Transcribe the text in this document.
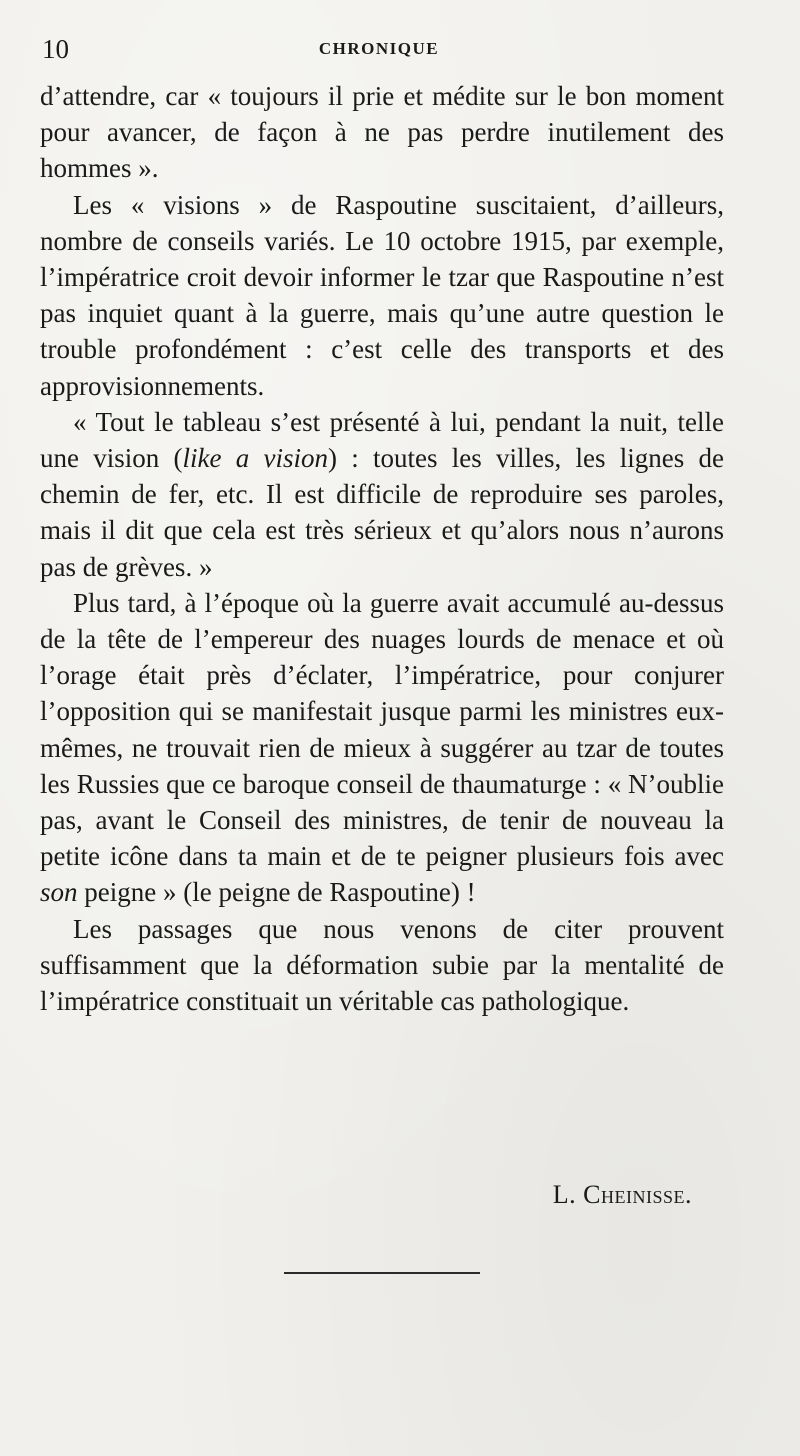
10	CHRONIQUE

d’attendre, car « toujours il prie et médite sur le bon moment pour avancer, de façon à ne pas perdre inutilement des hommes ».

Les « visions » de Raspoutine suscitaient, d’ailleurs, nombre de conseils variés. Le 10 octobre 1915, par exemple, l’impératrice croit devoir informer le tzar que Raspoutine n’est pas inquiet quant à la guerre, mais qu’une autre question le trouble profondément : c’est celle des transports et des approvisionnements.

« Tout le tableau s’est présenté à lui, pendant la nuit, telle une vision (like a vision) : toutes les villes, les lignes de chemin de fer, etc. Il est difficile de reproduire ses paroles, mais il dit que cela est très sérieux et qu’alors nous n’aurons pas de grèves. »

Plus tard, à l’époque où la guerre avait accumulé au-dessus de la tête de l’empereur des nuages lourds de menace et où l’orage était près d’éclater, l’impératrice, pour conjurer l’opposition qui se manifestait jusque parmi les ministres eux-mêmes, ne trouvait rien de mieux à suggérer au tzar de toutes les Russies que ce baroque conseil de thaumaturge : « N’oublie pas, avant le Conseil des ministres, de tenir de nouveau la petite icône dans ta main et de te peigner plusieurs fois avec son peigne » (le peigne de Raspoutine) !

Les passages que nous venons de citer prouvent suffisamment que la déformation subie par la mentalité de l’impératrice constituait un véritable cas pathologique.

L. Cheinisse.
